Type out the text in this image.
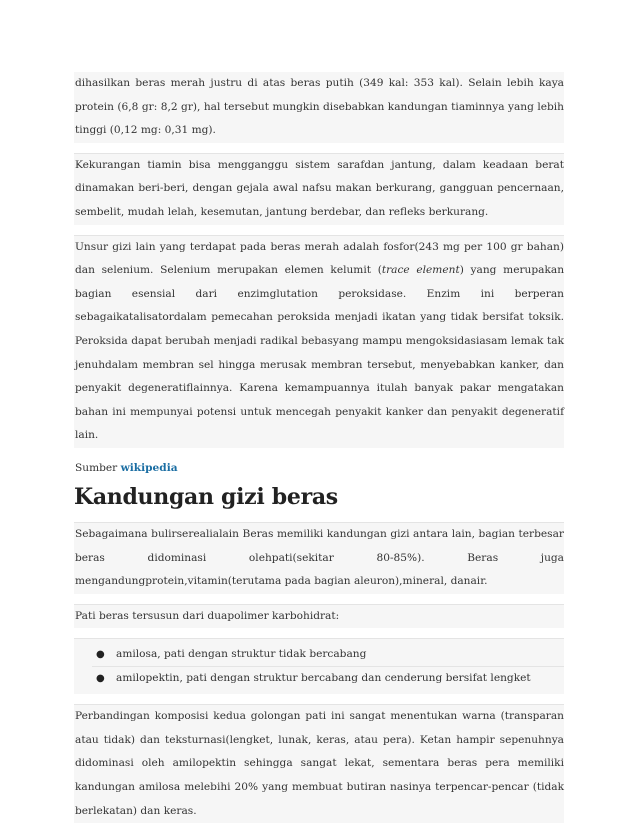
dihasilkan beras merah justru di atas beras putih (349 kal: 353 kal). Selain lebih kaya protein (6,8 gr: 8,2 gr), hal tersebut mungkin disebabkan kandungan tiaminnya yang lebih tinggi (0,12 mg: 0,31 mg).

Kekurangan tiamin bisa mengganggu sistem sarafdan jantung, dalam keadaan berat dinamakan beri-beri, dengan gejala awal nafsu makan berkurang, gangguan pencernaan, sembelit, mudah lelah, kesemutan, jantung berdebar, dan refleks berkurang.

Unsur gizi lain yang terdapat pada beras merah adalah fosfor(243 mg per 100 gr bahan) dan selenium. Selenium merupakan elemen kelumit (trace element) yang merupakan bagian esensial dari enzimglutation peroksidase. Enzim ini berperan sebagaikatalisatordalam pemecahan peroksida menjadi ikatan yang tidak bersifat toksik. Peroksida dapat berubah menjadi radikal bebasyang mampu mengoksidasiasam lemak tak jenuhdalam membran sel hingga merusak membran tersebut, menyebabkan kanker, dan penyakit degeneratiflainnya. Karena kemampuannya itulah banyak pakar mengatakan bahan ini mempunyai potensi untuk mencegah penyakit kanker dan penyakit degeneratif lain.

Sumber wikipedia
Kandungan gizi beras

Sebagaimana bulirserealialain Beras memiliki kandungan gizi antara lain, bagian terbesar beras didominasi olehpati(sekitar 80-85%). Beras juga mengandungprotein,vitamin(terutama pada bagian aleuron),mineral, danair.

Pati beras tersusun dari duapolimer karbohidrat:

● amilosa, pati dengan struktur tidak bercabang
● amilopektin, pati dengan struktur bercabang dan cenderung bersifat lengket

Perbandingan komposisi kedua golongan pati ini sangat menentukan warna (transparan atau tidak) dan teksturnasi(lengket, lunak, keras, atau pera). Ketan hampir sepenuhnya didominasi oleh amilopektin sehingga sangat lekat, sementara beras pera memiliki kandungan amilosa melebihi 20% yang membuat butiran nasinya terpencar-pencar (tidak berlekatan) dan keras.
